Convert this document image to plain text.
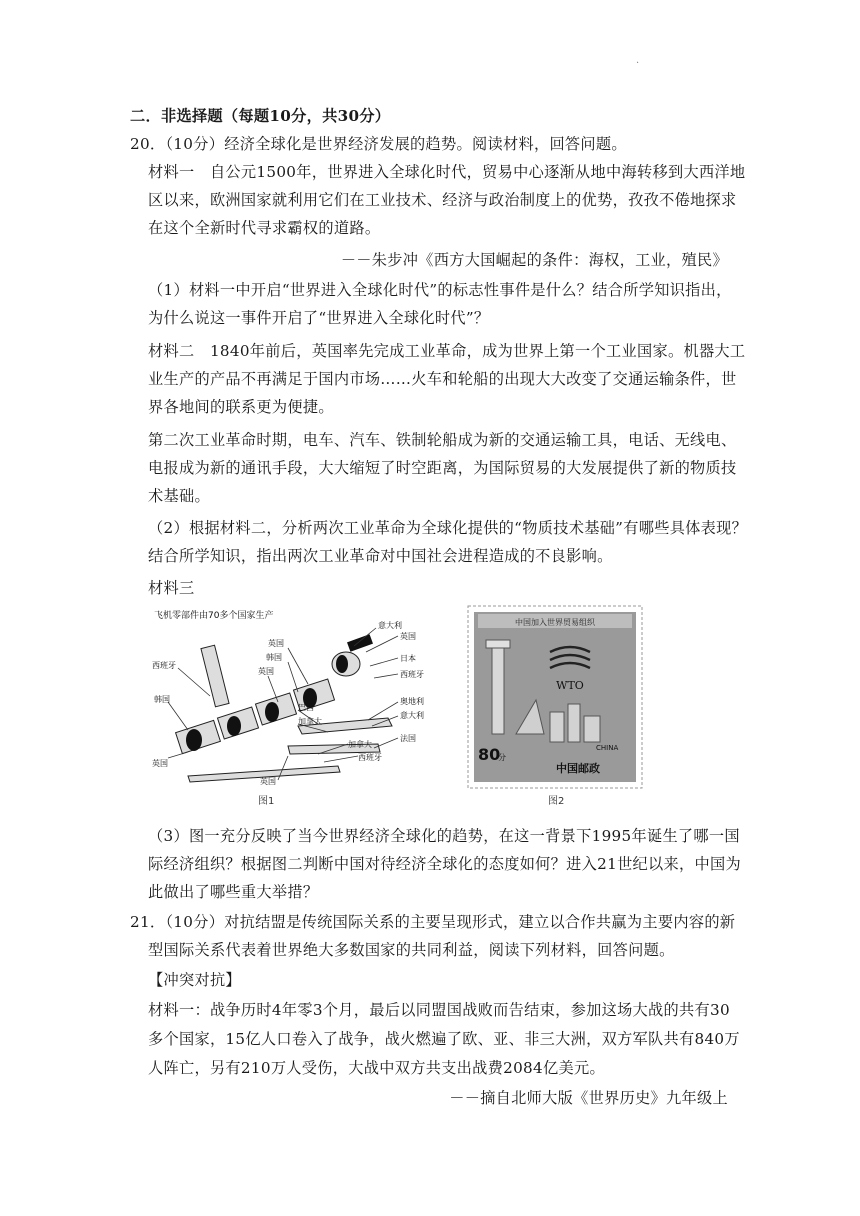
·
二．非选择题（每题10分，共30分）
20．（10分）经济全球化是世界经济发展的趋势。阅读材料，回答问题。
材料一　自公元1500年，世界进入全球化时代，贸易中心逐渐从地中海转移到大西洋地
区以来，欧洲国家就利用它们在工业技术、经济与政治制度上的优势，孜孜不倦地探求
在这个全新时代寻求霸权的道路。
－－朱步冲《西方大国崛起的条件：海权，工业，殖民》
（1）材料一中开启“世界进入全球化时代”的标志性事件是什么？结合所学知识指出，
为什么说这一事件开启了“世界进入全球化时代”？
材料二　1840年前后，英国率先完成工业革命，成为世界上第一个工业国家。机器大工
业生产的产品不再满足于国内市场……火车和轮船的出现大大改变了交通运输条件，世
界各地间的联系更为便捷。
第二次工业革命时期，电车、汽车、铁制轮船成为新的交通运输工具，电话、无线电、
电报成为新的通讯手段，大大缩短了时空距离，为国际贸易的大发展提供了新的物质技
术基础。
（2）根据材料二，分析两次工业革命为全球化提供的“物质技术基础”有哪些具体表现？
结合所学知识，指出两次工业革命对中国社会进程造成的不良影响。
材料三
飞机零部件由70多个国家生产
意大利
英国
日本
西班牙
英国
韩国
英国
西班牙
韩国
巴西
加拿大
奥地利
意大利
法国
加拿大
西班牙
英国
英国
图1
中国加入世界贸易组织
WTO
80
分
CHINA
中国邮政
图2
（3）图一充分反映了当今世界经济全球化的趋势，在这一背景下1995年诞生了哪一国
际经济组织？根据图二判断中国对待经济全球化的态度如何？进入21世纪以来，中国为
此做出了哪些重大举措？
21．（10分）对抗结盟是传统国际关系的主要呈现形式，建立以合作共赢为主要内容的新
型国际关系代表着世界绝大多数国家的共同利益，阅读下列材料，回答问题。
【冲突对抗】
材料一：战争历时4年零3个月，最后以同盟国战败而告结束，参加这场大战的共有30
多个国家，15亿人口卷入了战争，战火燃遍了欧、亚、非三大洲，双方军队共有840万
人阵亡，另有210万人受伤，大战中双方共支出战费2084亿美元。
－－摘自北师大版《世界历史》九年级上
